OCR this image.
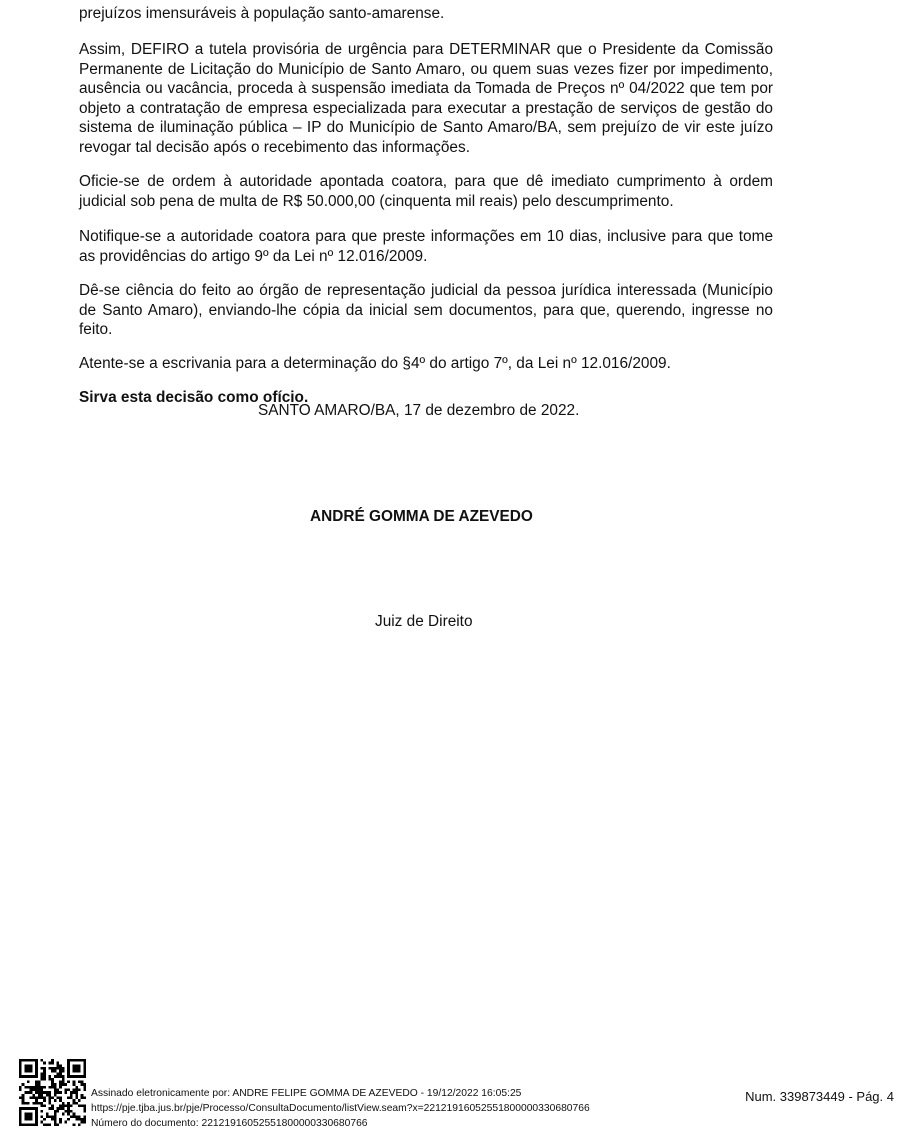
prejuízos imensuráveis à população santo-amarense.

Assim, DEFIRO a tutela provisória de urgência para DETERMINAR que o Presidente da Comissão Permanente de Licitação do Município de Santo Amaro, ou quem suas vezes fizer por impedimento, ausência ou vacância, proceda à suspensão imediata da Tomada de Preços nº 04/2022 que tem por objeto a contratação de empresa especializada para executar a prestação de serviços de gestão do sistema de iluminação pública – IP do Município de Santo Amaro/BA, sem prejuízo de vir este juízo revogar tal decisão após o recebimento das informações.

Oficie-se de ordem à autoridade apontada coatora, para que dê imediato cumprimento à ordem judicial sob pena de multa de R$ 50.000,00 (cinquenta mil reais) pelo descumprimento.

Notifique-se a autoridade coatora para que preste informações em 10 dias, inclusive para que tome as providências do artigo 9º da Lei nº 12.016/2009.

Dê-se ciência do feito ao órgão de representação judicial da pessoa jurídica interessada (Município de Santo Amaro), enviando-lhe cópia da inicial sem documentos, para que, querendo, ingresse no feito.

Atente-se a escrivania para a determinação do §4º do artigo 7º, da Lei nº 12.016/2009.

Sirva esta decisão como ofício.

SANTO AMARO/BA, 17 de dezembro de 2022.
ANDRÉ GOMMA DE AZEVEDO
Juiz de Direito
Assinado eletronicamente por: ANDRE FELIPE GOMMA DE AZEVEDO - 19/12/2022 16:05:25
https://pje.tjba.jus.br/pje/Processo/ConsultaDocumento/listView.seam?x=22121916052551800000330680766
Número do documento: 22121916052551800000330680766
Num. 339873449 - Pág. 4
